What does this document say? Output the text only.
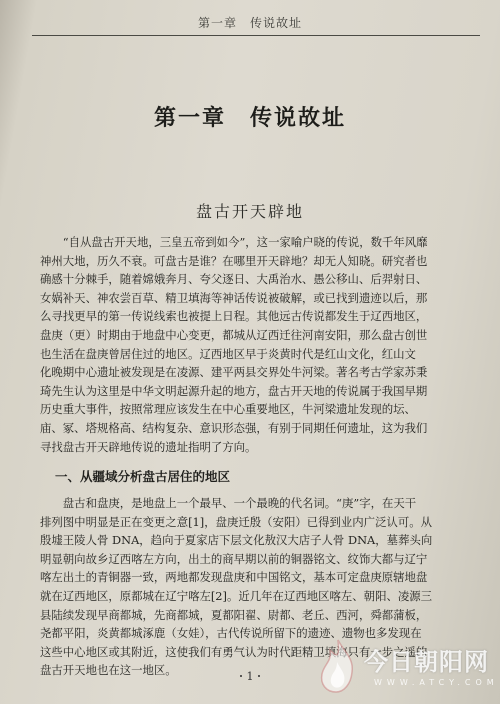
第一章　传说故址
第一章　传说故址
盘古开天辟地
　　“自从盘古开天地，三皇五帝到如今”，这一家喻户晓的传说，数千年风靡
神州大地，历久不衰。可盘古是谁？在哪里开天辟地？却无人知晓。研究者也
确感十分棘手，随着嫦娥奔月、夸父逐日、大禹治水、愚公移山、后羿射日、
女娲补天、神农尝百草、精卫填海等神话传说被破解，或已找到遗迹以后，那
么寻找更早的第一传说线索也被提上日程。其他远古传说都发生于辽西地区，
盘庚（更）时期由于地盘中心变更，都城从辽西迁往河南安阳，那么盘古创世
也生活在盘庚曾居住过的地区。辽西地区早于炎黄时代是红山文化，红山文
化晚期中心遗址被发现是在凌源、建平两县交界处牛河梁。著名考古学家苏秉
琦先生认为这里是中华文明起源升起的地方，盘古开天地的传说属于我国早期
历史重大事件，按照常理应该发生在中心重要地区，牛河梁遗址发现的坛、
庙、冢、塔规格高、结构复杂、意识形态强，有别于同期任何遗址，这为我们
寻找盘古开天辟地传说的遗址指明了方向。
一、从疆域分析盘古居住的地区
　　盘古和盘庚，是地盘上一个最早、一个最晚的代名词。“庚”字，在天干
排列图中明显是正在变更之意[1]，盘庚迁殷（安阳）已得到业内广泛认可。从
殷墟王陵人骨 DNA，趋向于夏家店下层文化敖汉大店子人骨 DNA，墓葬头向
明显朝向故乡辽西喀左方向，出土的商早期以前的铜器铭文、纹饰大都与辽宁
喀左出土的青铜器一致，两地都发现盘庚和中国铭文，基本可定盘庚原辖地盘
就在辽西地区，原都城在辽宁喀左[2]。近几年在辽西地区喀左、朝阳、凌源三
县陆续发现早商都城，先商都城，夏都阳翟、尉都、老丘、西河，舜都蒲板，
尧都平阳，炎黄都城涿鹿（女娃），古代传说所留下的遗迹、遗物也多发现在
这些中心地区或其附近，这使我们有勇气认为时代距精卫填海只有一步之遥的
盘古开天地也在这一地区。	・1・
今日朝阳网
WWW.ATCY.COM
